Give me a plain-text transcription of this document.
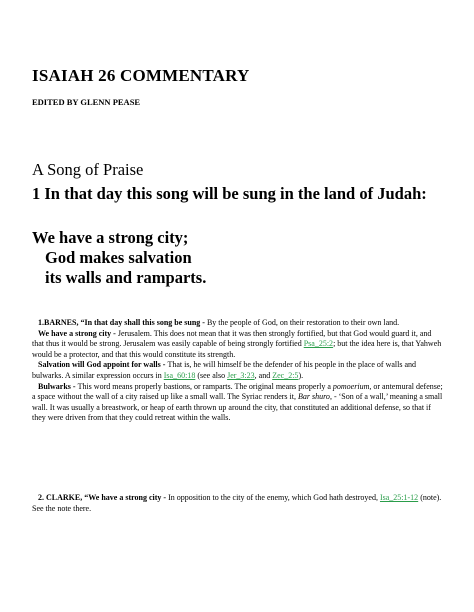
ISAIAH 26 COMMENTARY
EDITED BY GLENN PEASE
A Song of Praise
1 In that day this song will be sung in the land of Judah:
We have a strong city;
God makes salvation
its walls and ramparts.

1.BARNES, “In that day shall this song be sung - By the people of God, on their restoration to their own land.

We have a strong city - Jerusalem. This does not mean that it was then strongly fortified, but that God would guard it, and that thus it would be strong. Jerusalem was easily capable of being strongly fortified Psa_25:2; but the idea here is, that Yahweh would be a protector, and that this would constitute its strength.

Salvation will God appoint for walls - That is, he will himself be the defender of his people in the place of walls and bulwarks. A similar expression occurs in Isa_60:18 (see also Jer_3:23, and Zec_2:5).

Bulwarks - This word means properly bastions, or ramparts. The original means properly a pomoerium, or antemural defense; a space without the wall of a city raised up like a small wall. The Syriac renders it, Bar shuro, - ‘Son of a wall,’ meaning a small wall. It was usually a breastwork, or heap of earth thrown up around the city, that constituted an additional defense, so that if they were driven from that they could retreat within the walls.

2. CLARKE, “We have a strong city - In opposition to the city of the enemy, which God hath destroyed, Isa_25:1-12 (note). See the note there.
